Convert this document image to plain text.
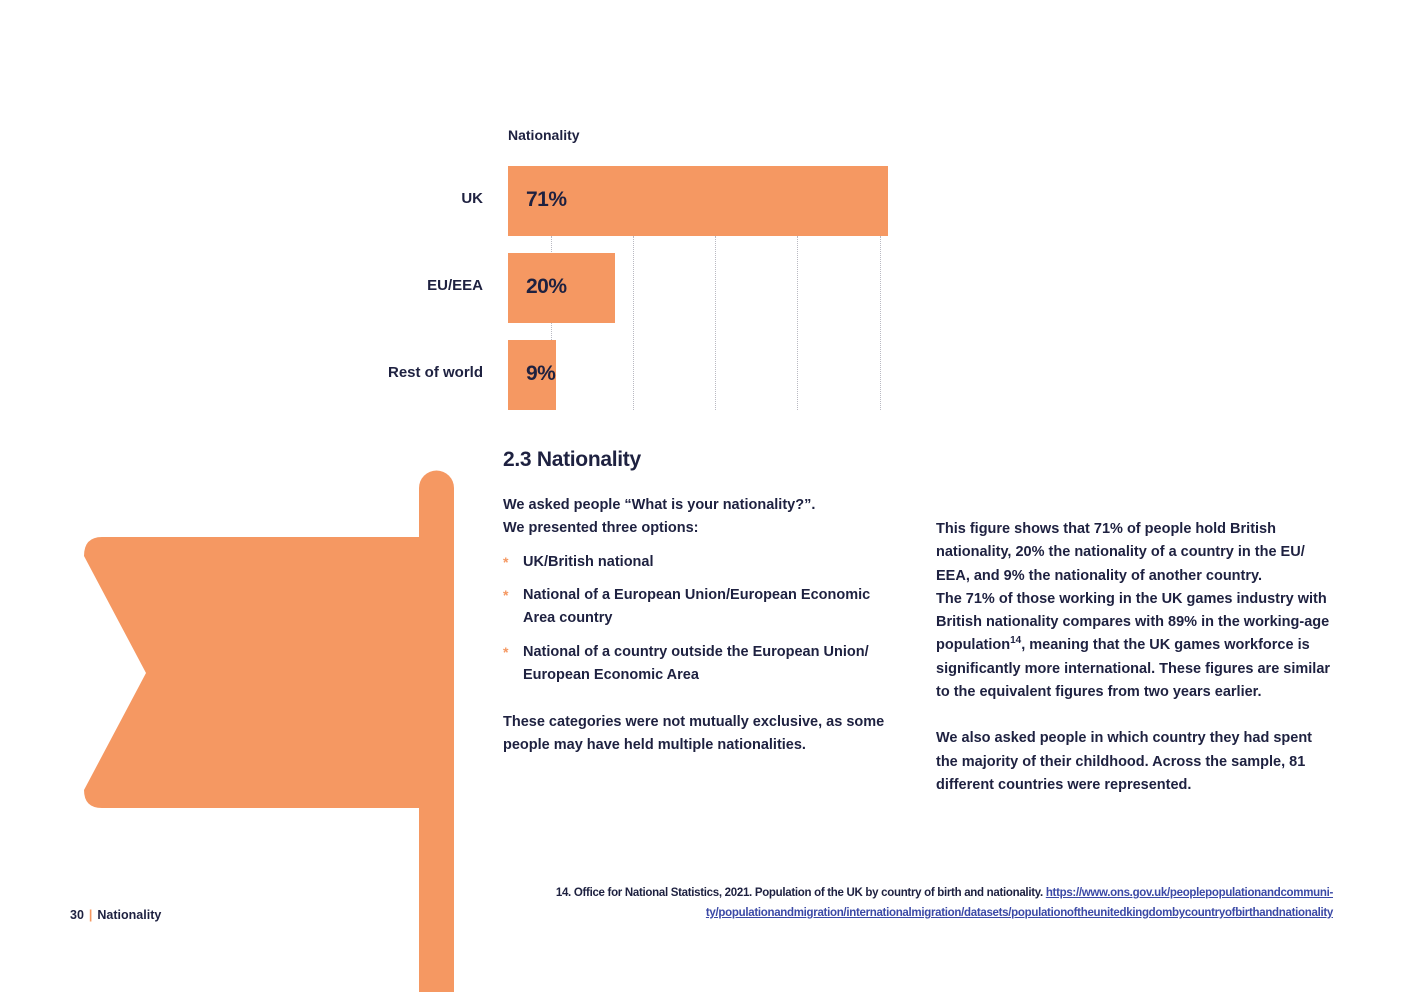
Nationality
UK 71%
EU/EEA 20%
Rest of world 9%
2.3 Nationality
We asked people “What is your nationality?”.
We presented three options:
* UK/British national
* National of a European Union/European Economic Area country
* National of a country outside the European Union/ European Economic Area
These categories were not mutually exclusive, as some people may have held multiple nationalities.
This figure shows that 71% of people hold British nationality, 20% the nationality of a country in the EU/ EEA, and 9% the nationality of another country.
The 71% of those working in the UK games industry with British nationality compares with 89% in the working-age population$^{14}$, meaning that the UK games workforce is significantly more international. These figures are similar to the equivalent figures from two years earlier.
We also asked people in which country they had spent the majority of their childhood. Across the sample, 81 different countries were represented.
14. Office for National Statistics, 2021. Population of the UK by country of birth and nationality. https://www.ons.gov.uk/peoplepopulationandcommuni-
ty/populationandmigration/internationalmigration/datasets/populationoftheunitedkingdombycountryofbirthandnationality
30 | Nationality
